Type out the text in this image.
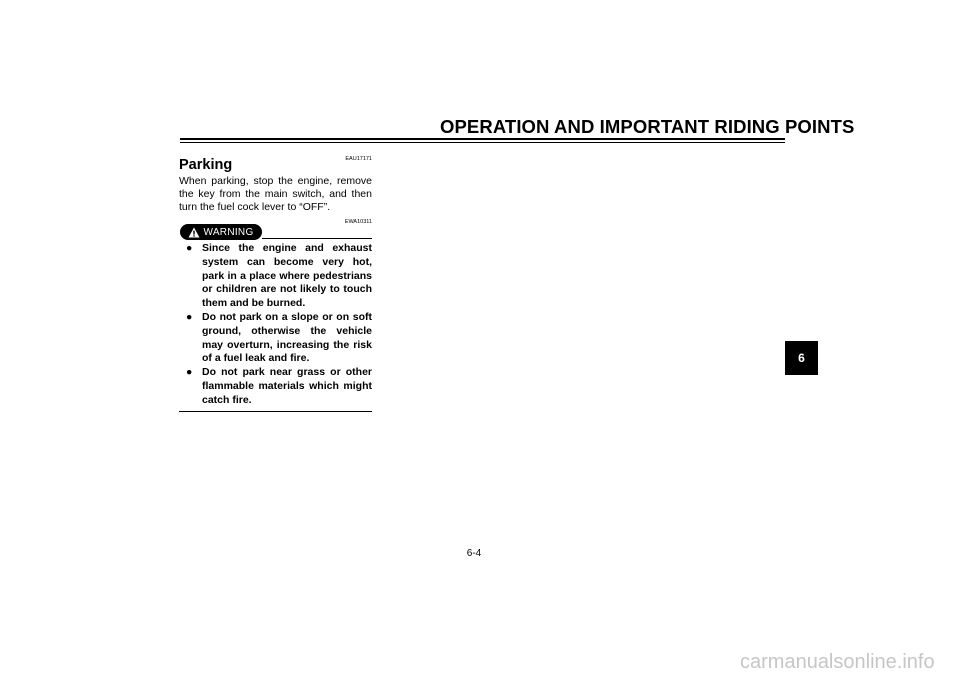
OPERATION AND IMPORTANT RIDING POINTS
EAU17171
Parking
When parking, stop the engine, remove the key from the main switch, and then turn the fuel cock lever to “OFF”.
EWA10311
WARNING
● Since the engine and exhaust system can become very hot, park in a place where pedestrians or children are not likely to touch them and be burned.
● Do not park on a slope or on soft ground, otherwise the vehicle may overturn, increasing the risk of a fuel leak and fire.
● Do not park near grass or other flammable materials which might catch fire.
6-4
6
carmanualsonline.info
